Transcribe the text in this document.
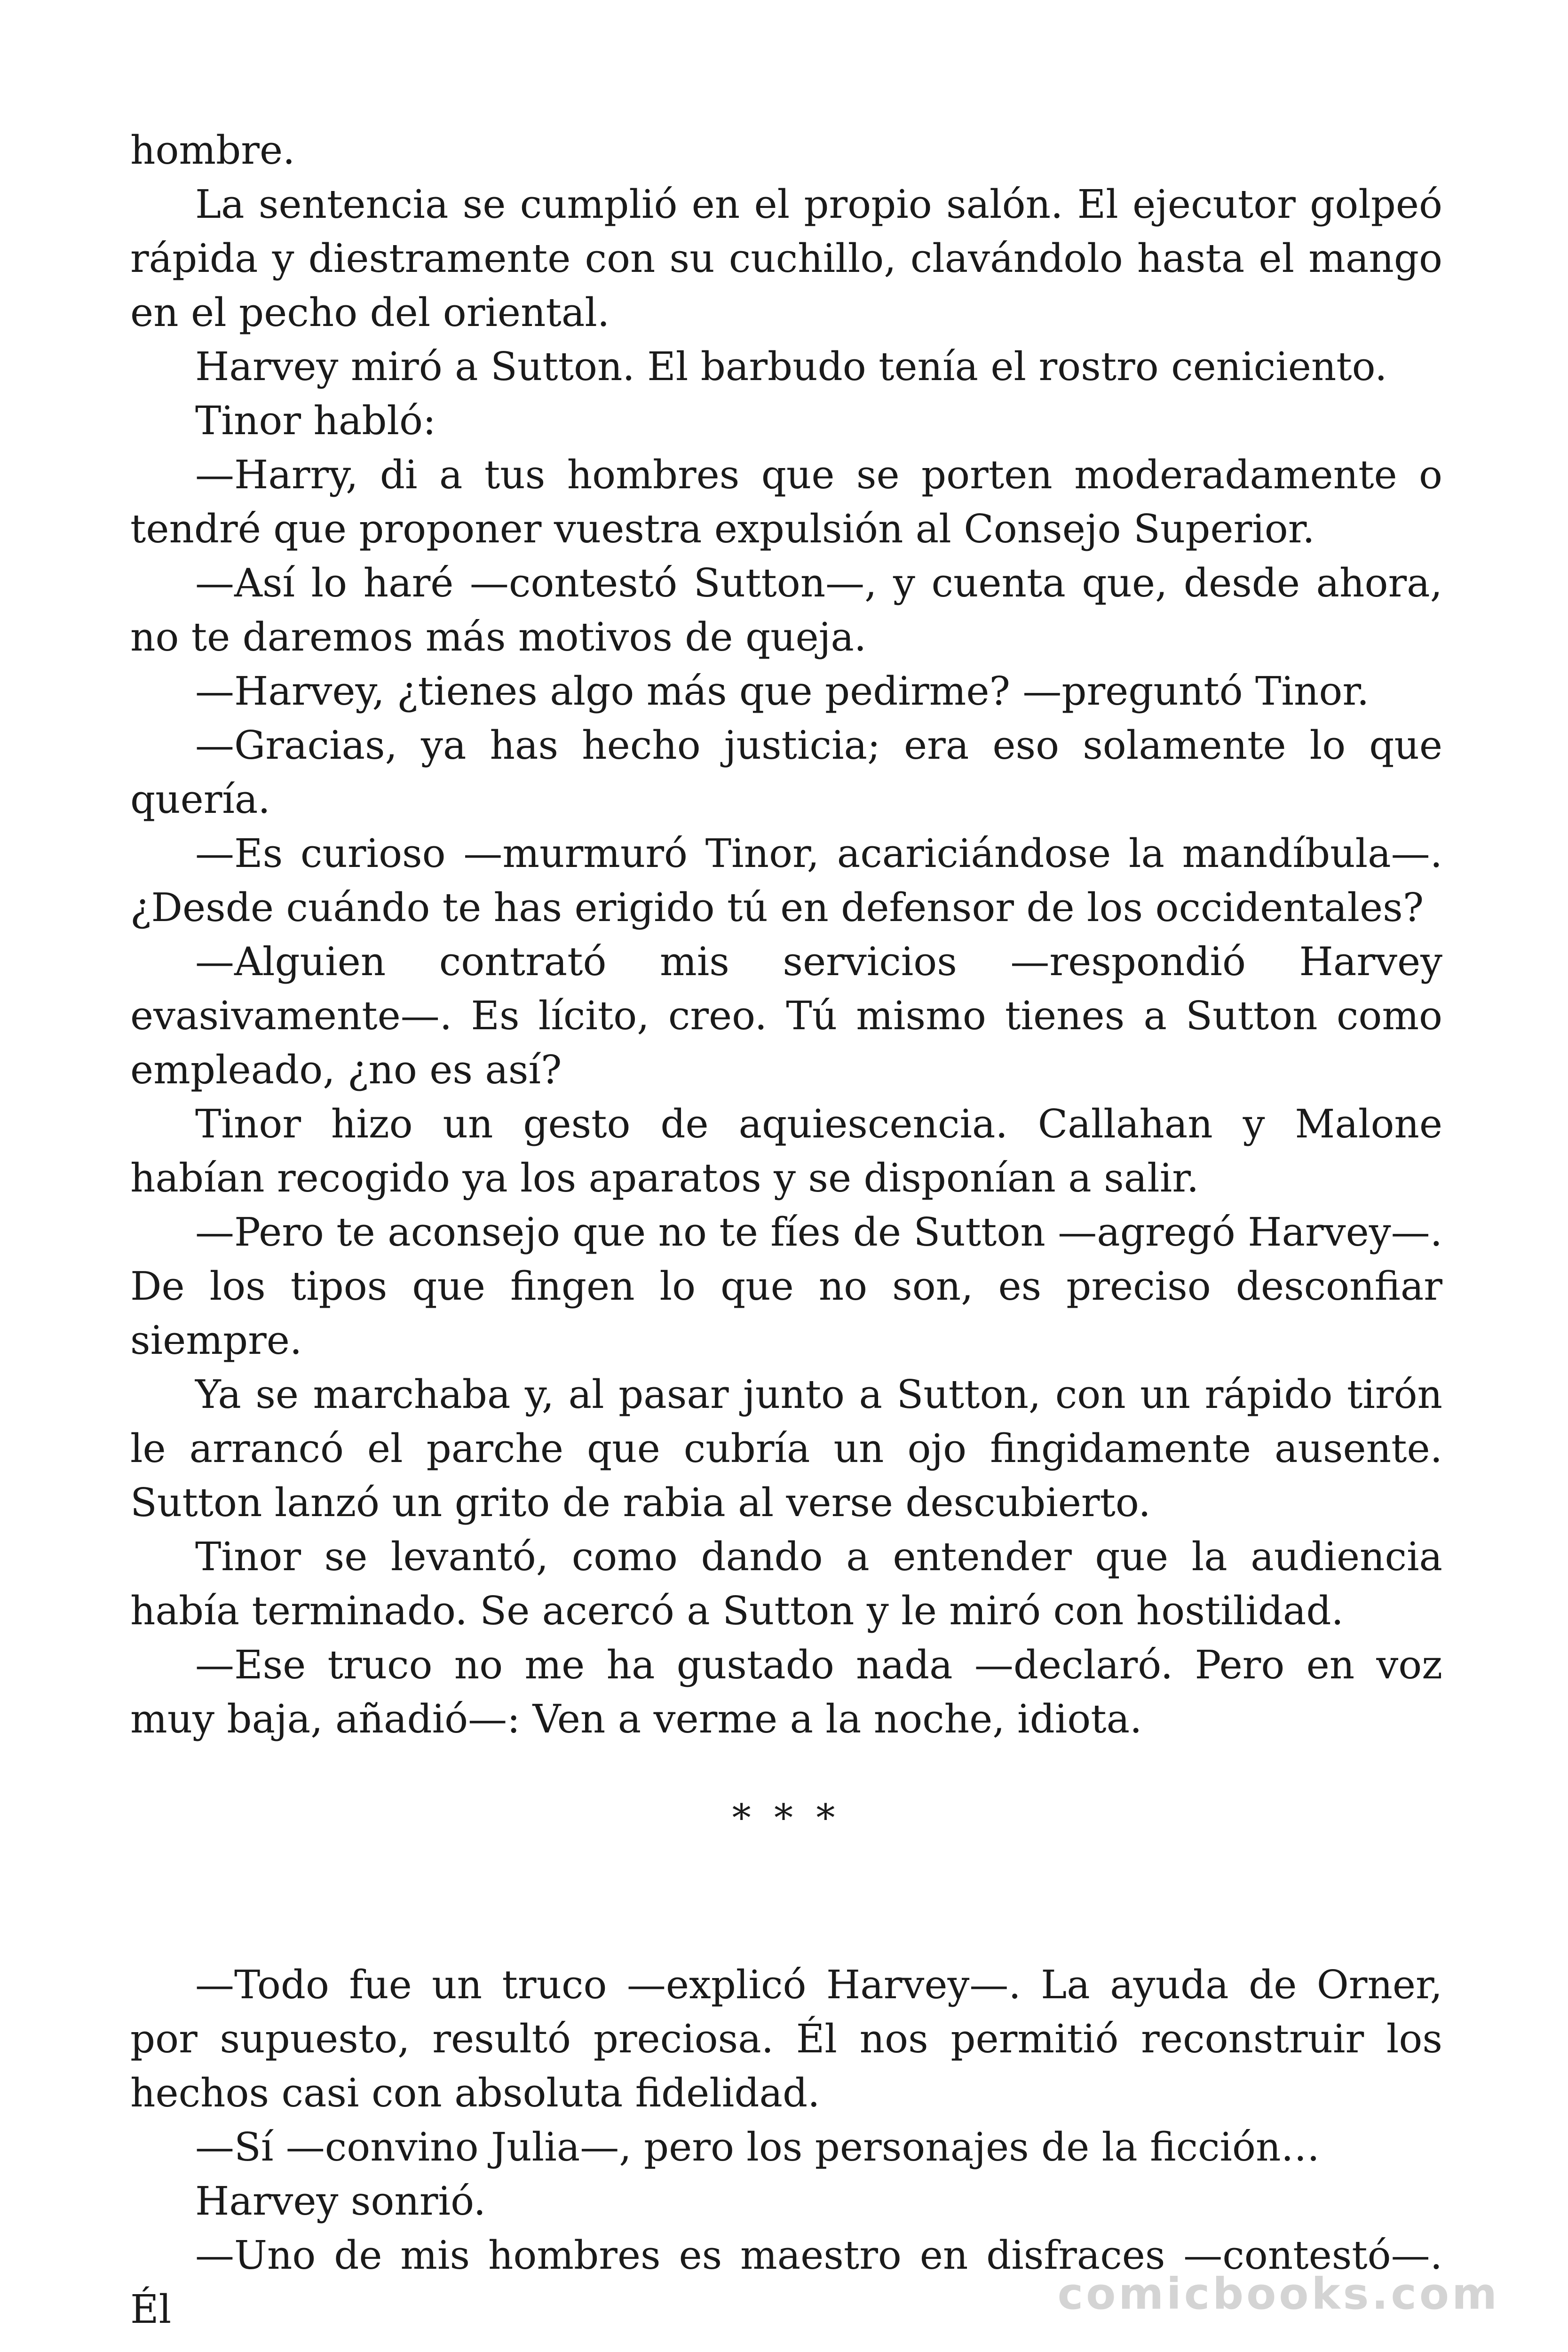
hombre.

La sentencia se cumplió en el propio salón. El ejecutor golpeó rápida y diestramente con su cuchillo, clavándolo hasta el mango en el pecho del oriental.

Harvey miró a Sutton. El barbudo tenía el rostro ceniciento.

Tinor habló:

—Harry, di a tus hombres que se porten moderadamente o tendré que proponer vuestra expulsión al Consejo Superior.

—Así lo haré —contestó Sutton—, y cuenta que, desde ahora, no te daremos más motivos de queja.

—Harvey, ¿tienes algo más que pedirme? —preguntó Tinor.

—Gracias, ya has hecho justicia; era eso solamente lo que quería.

—Es curioso —murmuró Tinor, acariciándose la mandíbula—. ¿Desde cuándo te has erigido tú en defensor de los occidentales?

—Alguien contrató mis servicios —respondió Harvey evasivamente—. Es lícito, creo. Tú mismo tienes a Sutton como empleado, ¿no es así?

Tinor hizo un gesto de aquiescencia. Callahan y Malone habían recogido ya los aparatos y se disponían a salir.

—Pero te aconsejo que no te fíes de Sutton —agregó Harvey—. De los tipos que fingen lo que no son, es preciso desconfiar siempre.

Ya se marchaba y, al pasar junto a Sutton, con un rápido tirón le arrancó el parche que cubría un ojo fingidamente ausente. Sutton lanzó un grito de rabia al verse descubierto.

Tinor se levantó, como dando a entender que la audiencia había terminado. Se acercó a Sutton y le miró con hostilidad.

—Ese truco no me ha gustado nada —declaró. Pero en voz muy baja, añadió—: Ven a verme a la noche, idiota.

* * *

—Todo fue un truco —explicó Harvey—. La ayuda de Orner, por supuesto, resultó preciosa. Él nos permitió reconstruir los hechos casi con absoluta fidelidad.

—Sí —convino Julia—, pero los personajes de la ficción…

Harvey sonrió.

—Uno de mis hombres es maestro en disfraces —contestó—. Él	comicbooks.com
